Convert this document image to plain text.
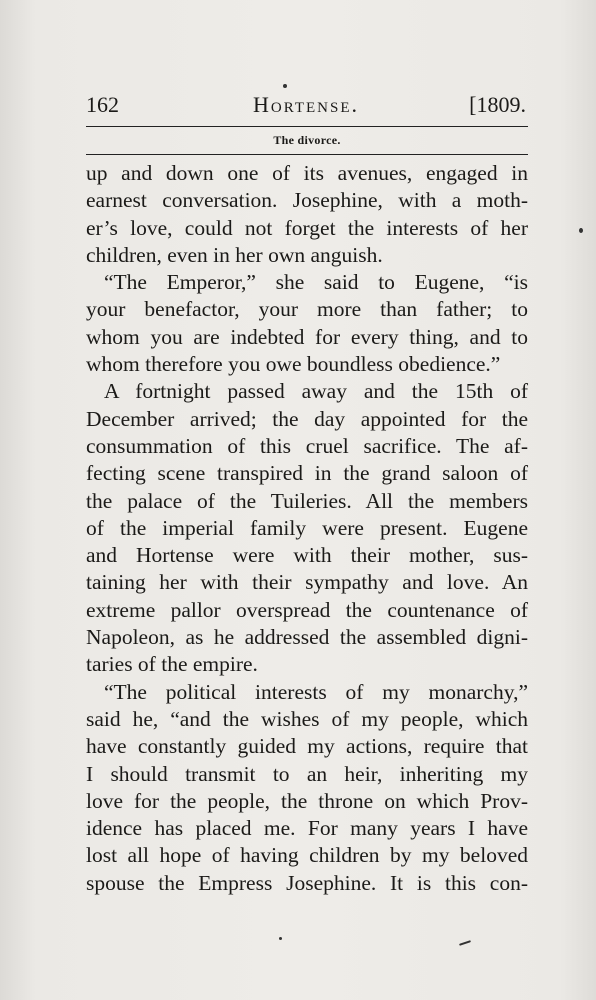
162	Hortense.	[1809.
The divorce.
up and down one of its avenues, engaged in
earnest conversation. Josephine, with a moth-
er’s love, could not forget the interests of her
children, even in her own anguish.
“The Emperor,” she said to Eugene, “is
your benefactor, your more than father; to
whom you are indebted for every thing, and to
whom therefore you owe boundless obedience.”
A fortnight passed away and the 15th of
December arrived; the day appointed for the
consummation of this cruel sacrifice. The af-
fecting scene transpired in the grand saloon of
the palace of the Tuileries. All the members
of the imperial family were present. Eugene
and Hortense were with their mother, sus-
taining her with their sympathy and love. An
extreme pallor overspread the countenance of
Napoleon, as he addressed the assembled digni-
taries of the empire.
“The political interests of my monarchy,”
said he, “and the wishes of my people, which
have constantly guided my actions, require that
I should transmit to an heir, inheriting my
love for the people, the throne on which Prov-
idence has placed me. For many years I have
lost all hope of having children by my beloved
spouse the Empress Josephine. It is this con-
